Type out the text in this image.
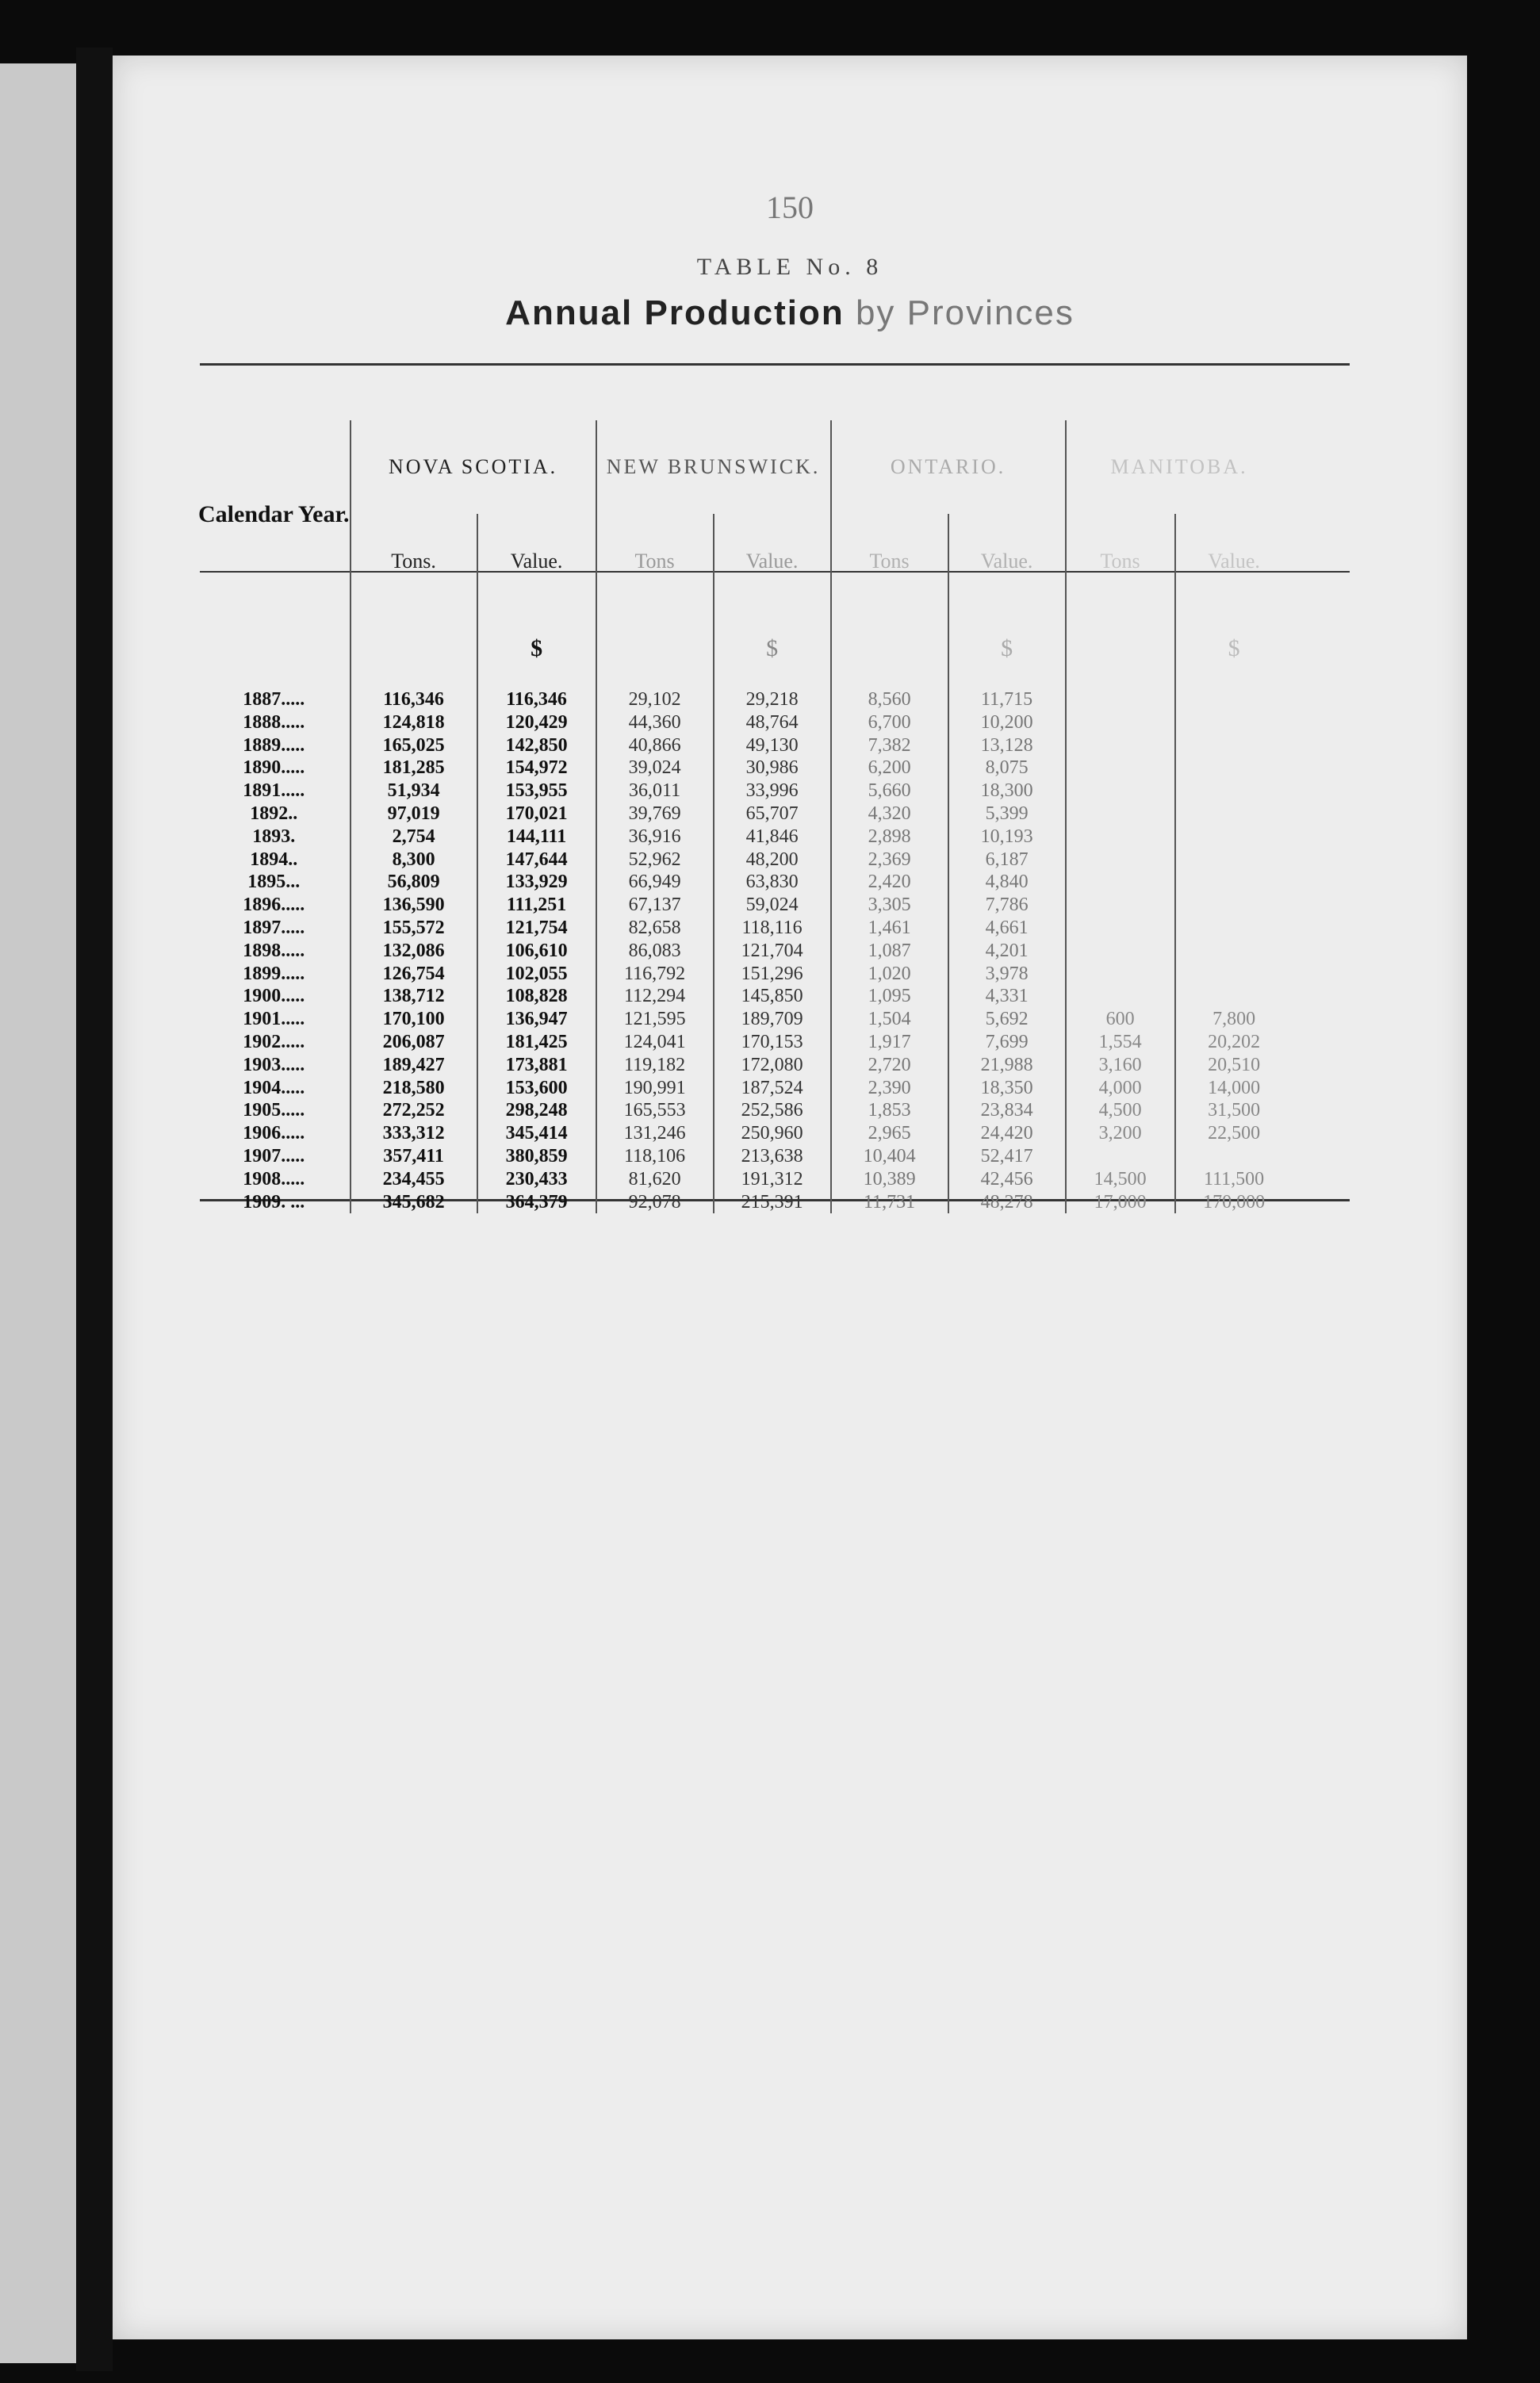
150
TABLE No. 8
Annual Production by Provinces
Calendar Year.	NOVA SCOTIA.		NEW BRUNSWICK.		ONTARIO.		MANITOBA.	
	Tons.	Value.	Tons	Value.	Tons	Value.	Tons	Value.
		$		$		$		$
1887.....	116,346	116,346	29,102	29,218	8,560	11,715		
1888.....	124,818	120,429	44,360	48,764	6,700	10,200		
1889.....	165,025	142,850	40,866	49,130	7,382	13,128		
1890.....	181,285	154,972	39,024	30,986	6,200	8,075		
1891.....	51,934	153,955	36,011	33,996	5,660	18,300		
1892..	97,019	170,021	39,769	65,707	4,320	5,399		
1893.	2,754	144,111	36,916	41,846	2,898	10,193		
1894..	8,300	147,644	52,962	48,200	2,369	6,187		
1895...	56,809	133,929	66,949	63,830	2,420	4,840		
1896.....	136,590	111,251	67,137	59,024	3,305	7,786		
1897.....	155,572	121,754	82,658	118,116	1,461	4,661		
1898.....	132,086	106,610	86,083	121,704	1,087	4,201		
1899.....	126,754	102,055	116,792	151,296	1,020	3,978		
1900.....	138,712	108,828	112,294	145,850	1,095	4,331		
1901.....	170,100	136,947	121,595	189,709	1,504	5,692	600	7,800
1902.....	206,087	181,425	124,041	170,153	1,917	7,699	1,554	20,202
1903.....	189,427	173,881	119,182	172,080	2,720	21,988	3,160	20,510
1904.....	218,580	153,600	190,991	187,524	2,390	18,350	4,000	14,000
1905.....	272,252	298,248	165,553	252,586	1,853	23,834	4,500	31,500
1906.....	333,312	345,414	131,246	250,960	2,965	24,420	3,200	22,500
1907.....	357,411	380,859	118,106	213,638	10,404	52,417		
1908.....	234,455	230,433	81,620	191,312	10,389	42,456	14,500	111,500
1909. ...	345,682	364,379	92,078	215,391	11,731	48,278	17,000	170,000
